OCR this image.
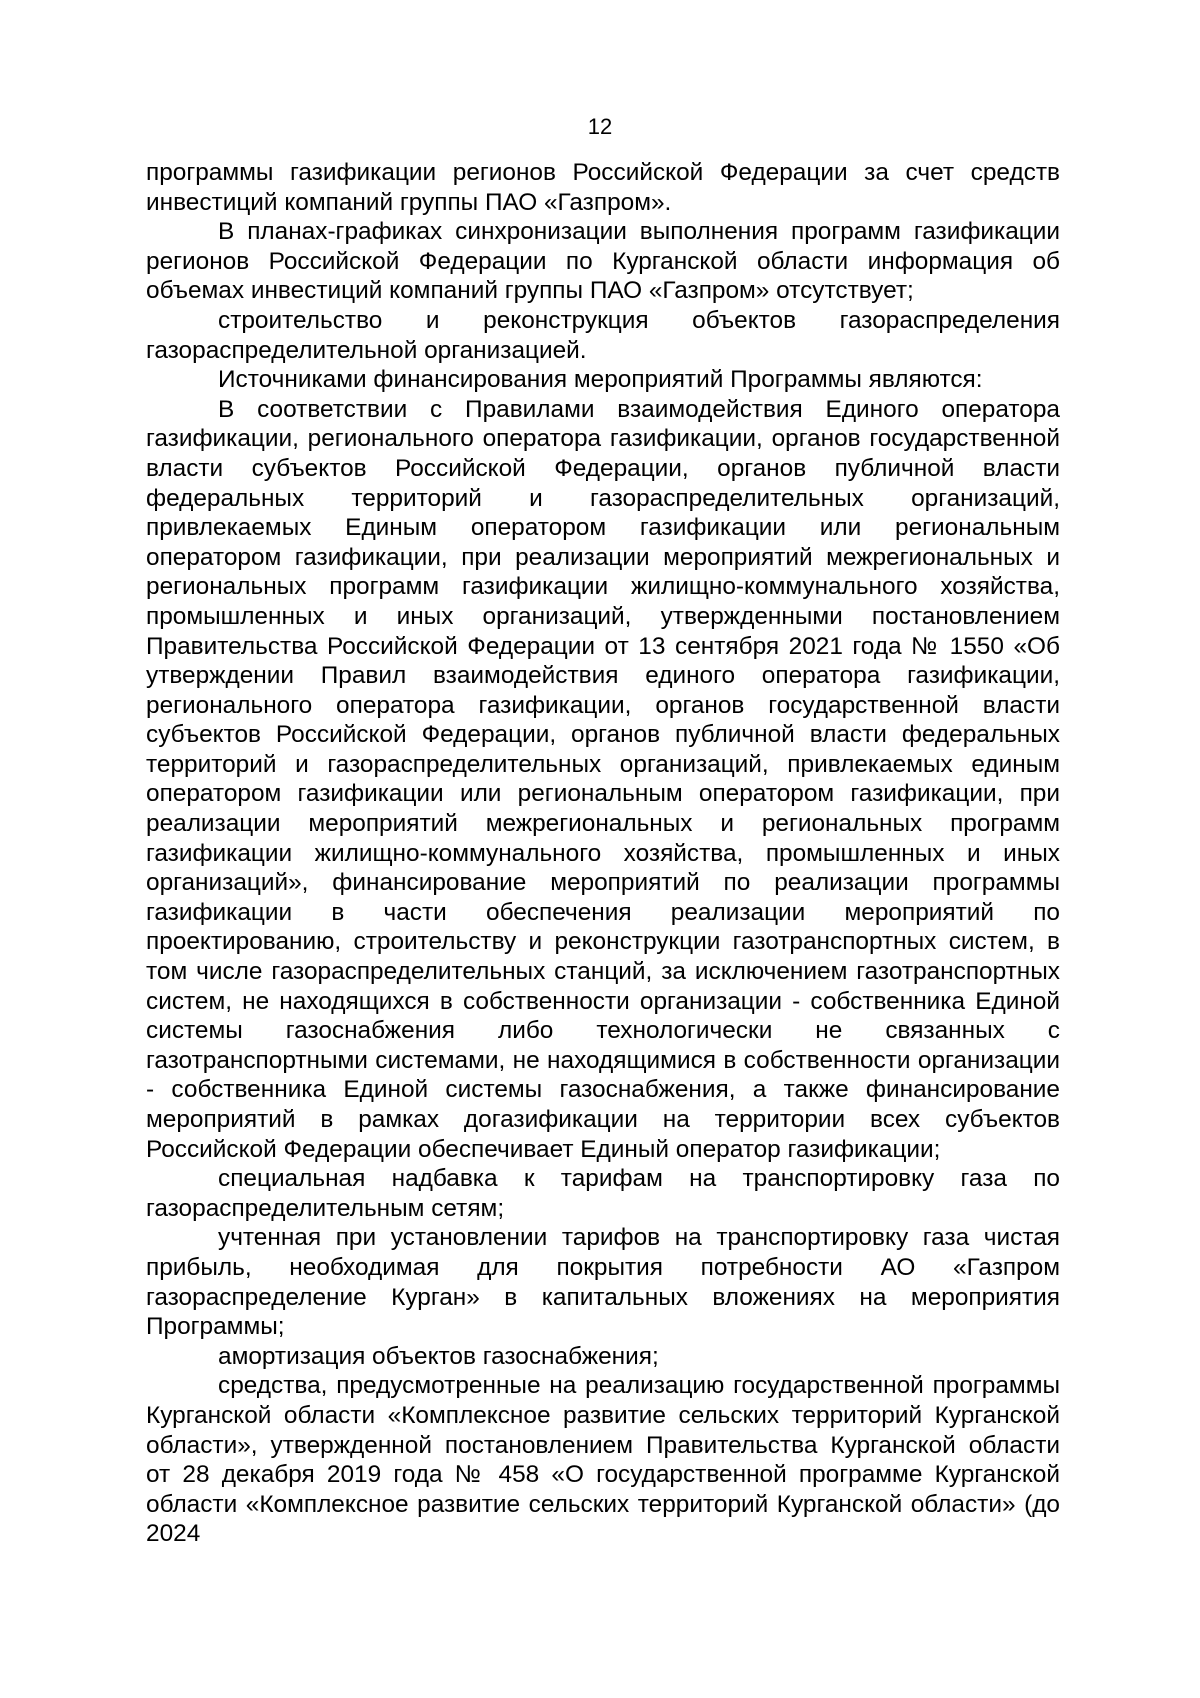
12

программы газификации регионов Российской Федерации за счет средств инвестиций компаний группы ПАО «Газпром».

В планах-графиках синхронизации выполнения программ газификации регионов Российской Федерации по Курганской области информация об объемах инвестиций компаний группы ПАО «Газпром» отсутствует;

строительство и реконструкция объектов газораспределения газораспределительной организацией.

Источниками финансирования мероприятий Программы являются:

В соответствии с Правилами взаимодействия Единого оператора газификации, регионального оператора газификации, органов государственной власти субъектов Российской Федерации, органов публичной власти федеральных территорий и газораспределительных организаций, привлекаемых Единым оператором газификации или региональным оператором газификации, при реализации мероприятий межрегиональных и региональных программ газификации жилищно-коммунального хозяйства, промышленных и иных организаций, утвержденными постановлением Правительства Российской Федерации от 13 сентября 2021 года № 1550 «Об утверждении Правил взаимодействия единого оператора газификации, регионального оператора газификации, органов государственной власти субъектов Российской Федерации, органов публичной власти федеральных территорий и газораспределительных организаций, привлекаемых единым оператором газификации или региональным оператором газификации, при реализации мероприятий межрегиональных и региональных программ газификации жилищно-коммунального хозяйства, промышленных и иных организаций», финансирование мероприятий по реализации программы газификации в части обеспечения реализации мероприятий по проектированию, строительству и реконструкции газотранспортных систем, в том числе газораспределительных станций, за исключением газотранспортных систем, не находящихся в собственности организации - собственника Единой системы газоснабжения либо технологически не связанных с газотранспортными системами, не находящимися в собственности организации - собственника Единой системы газоснабжения, а также финансирование мероприятий в рамках догазификации на территории всех субъектов Российской Федерации обеспечивает Единый оператор газификации;

специальная надбавка к тарифам на транспортировку газа по газораспределительным сетям;

учтенная при установлении тарифов на транспортировку газа чистая прибыль, необходимая для покрытия потребности АО «Газпром газораспределение Курган» в капитальных вложениях на мероприятия Программы;

амортизация объектов газоснабжения;

средства, предусмотренные на реализацию государственной программы Курганской области «Комплексное развитие сельских территорий Курганской области», утвержденной постановлением Правительства Курганской области от 28 декабря 2019 года № 458 «О государственной программе Курганской области «Комплексное развитие сельских территорий Курганской области» (до 2024
